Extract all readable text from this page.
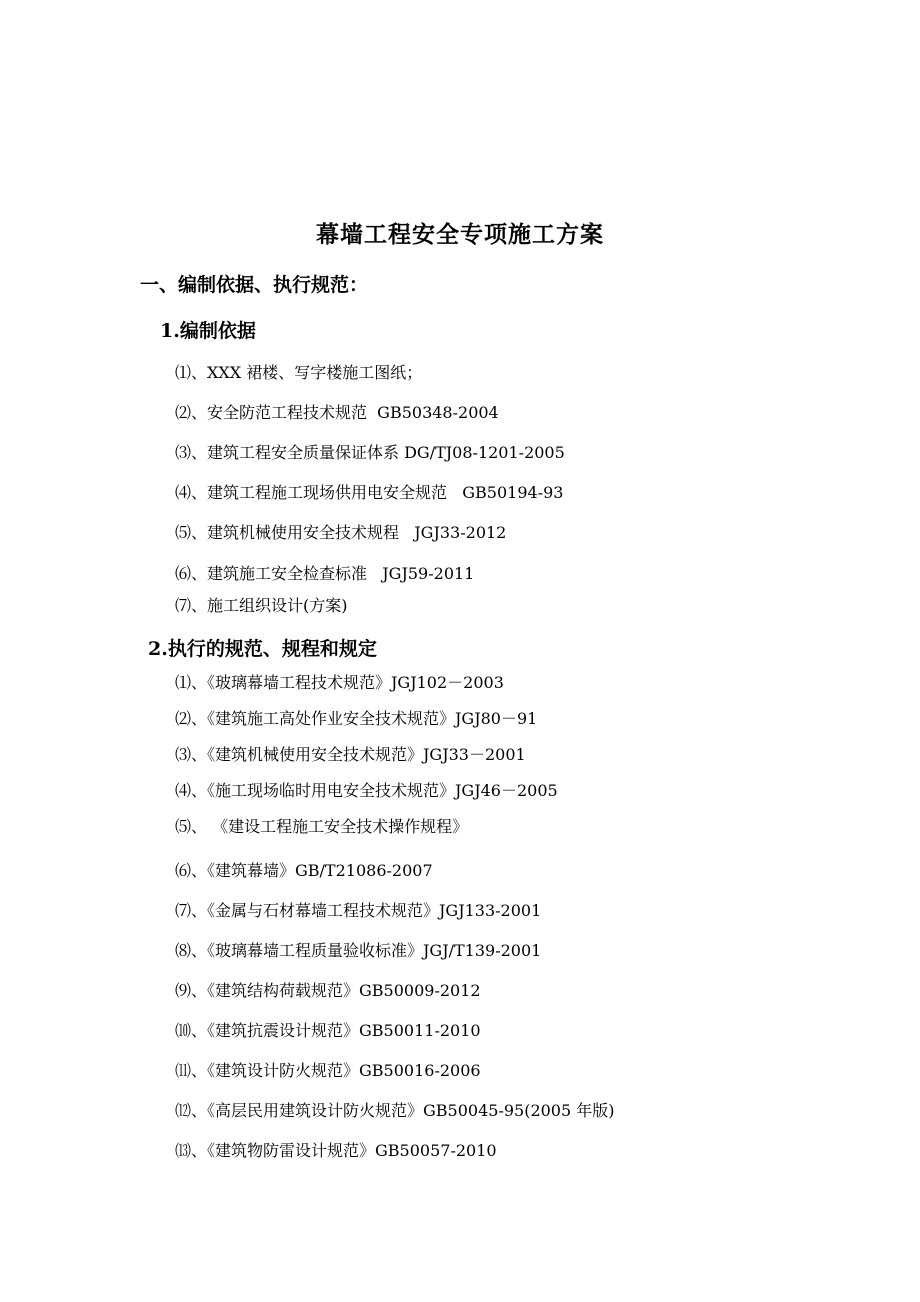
幕墙工程安全专项施工方案
一、编制依据、执行规范：
1.编制依据

⑴、XXX 裙楼、写字楼施工图纸；

⑵、安全防范工程技术规范  GB50348-2004

⑶、建筑工程安全质量保证体系 DG/TJ08-1201-2005

⑷、建筑工程施工现场供用电安全规范   GB50194-93

⑸、建筑机械使用安全技术规程   JGJ33-2012

⑹、建筑施工安全检查标准   JGJ59-2011

⑺、施工组织设计(方案)

2.执行的规范、规程和规定

⑴、《玻璃幕墙工程技术规范》JGJ102－2003

⑵、《建筑施工高处作业安全技术规范》JGJ80－91

⑶、《建筑机械使用安全技术规范》JGJ33－2001

⑷、《施工现场临时用电安全技术规范》JGJ46－2005

⑸、 《建设工程施工安全技术操作规程》

⑹、《建筑幕墙》GB/T21086-2007

⑺、《金属与石材幕墙工程技术规范》JGJ133-2001

⑻、《玻璃幕墙工程质量验收标准》JGJ/T139-2001

⑼、《建筑结构荷载规范》GB50009-2012

⑽、《建筑抗震设计规范》GB50011-2010

⑾、《建筑设计防火规范》GB50016-2006

⑿、《高层民用建筑设计防火规范》GB50045-95(2005 年版)

⒀、《建筑物防雷设计规范》GB50057-2010
